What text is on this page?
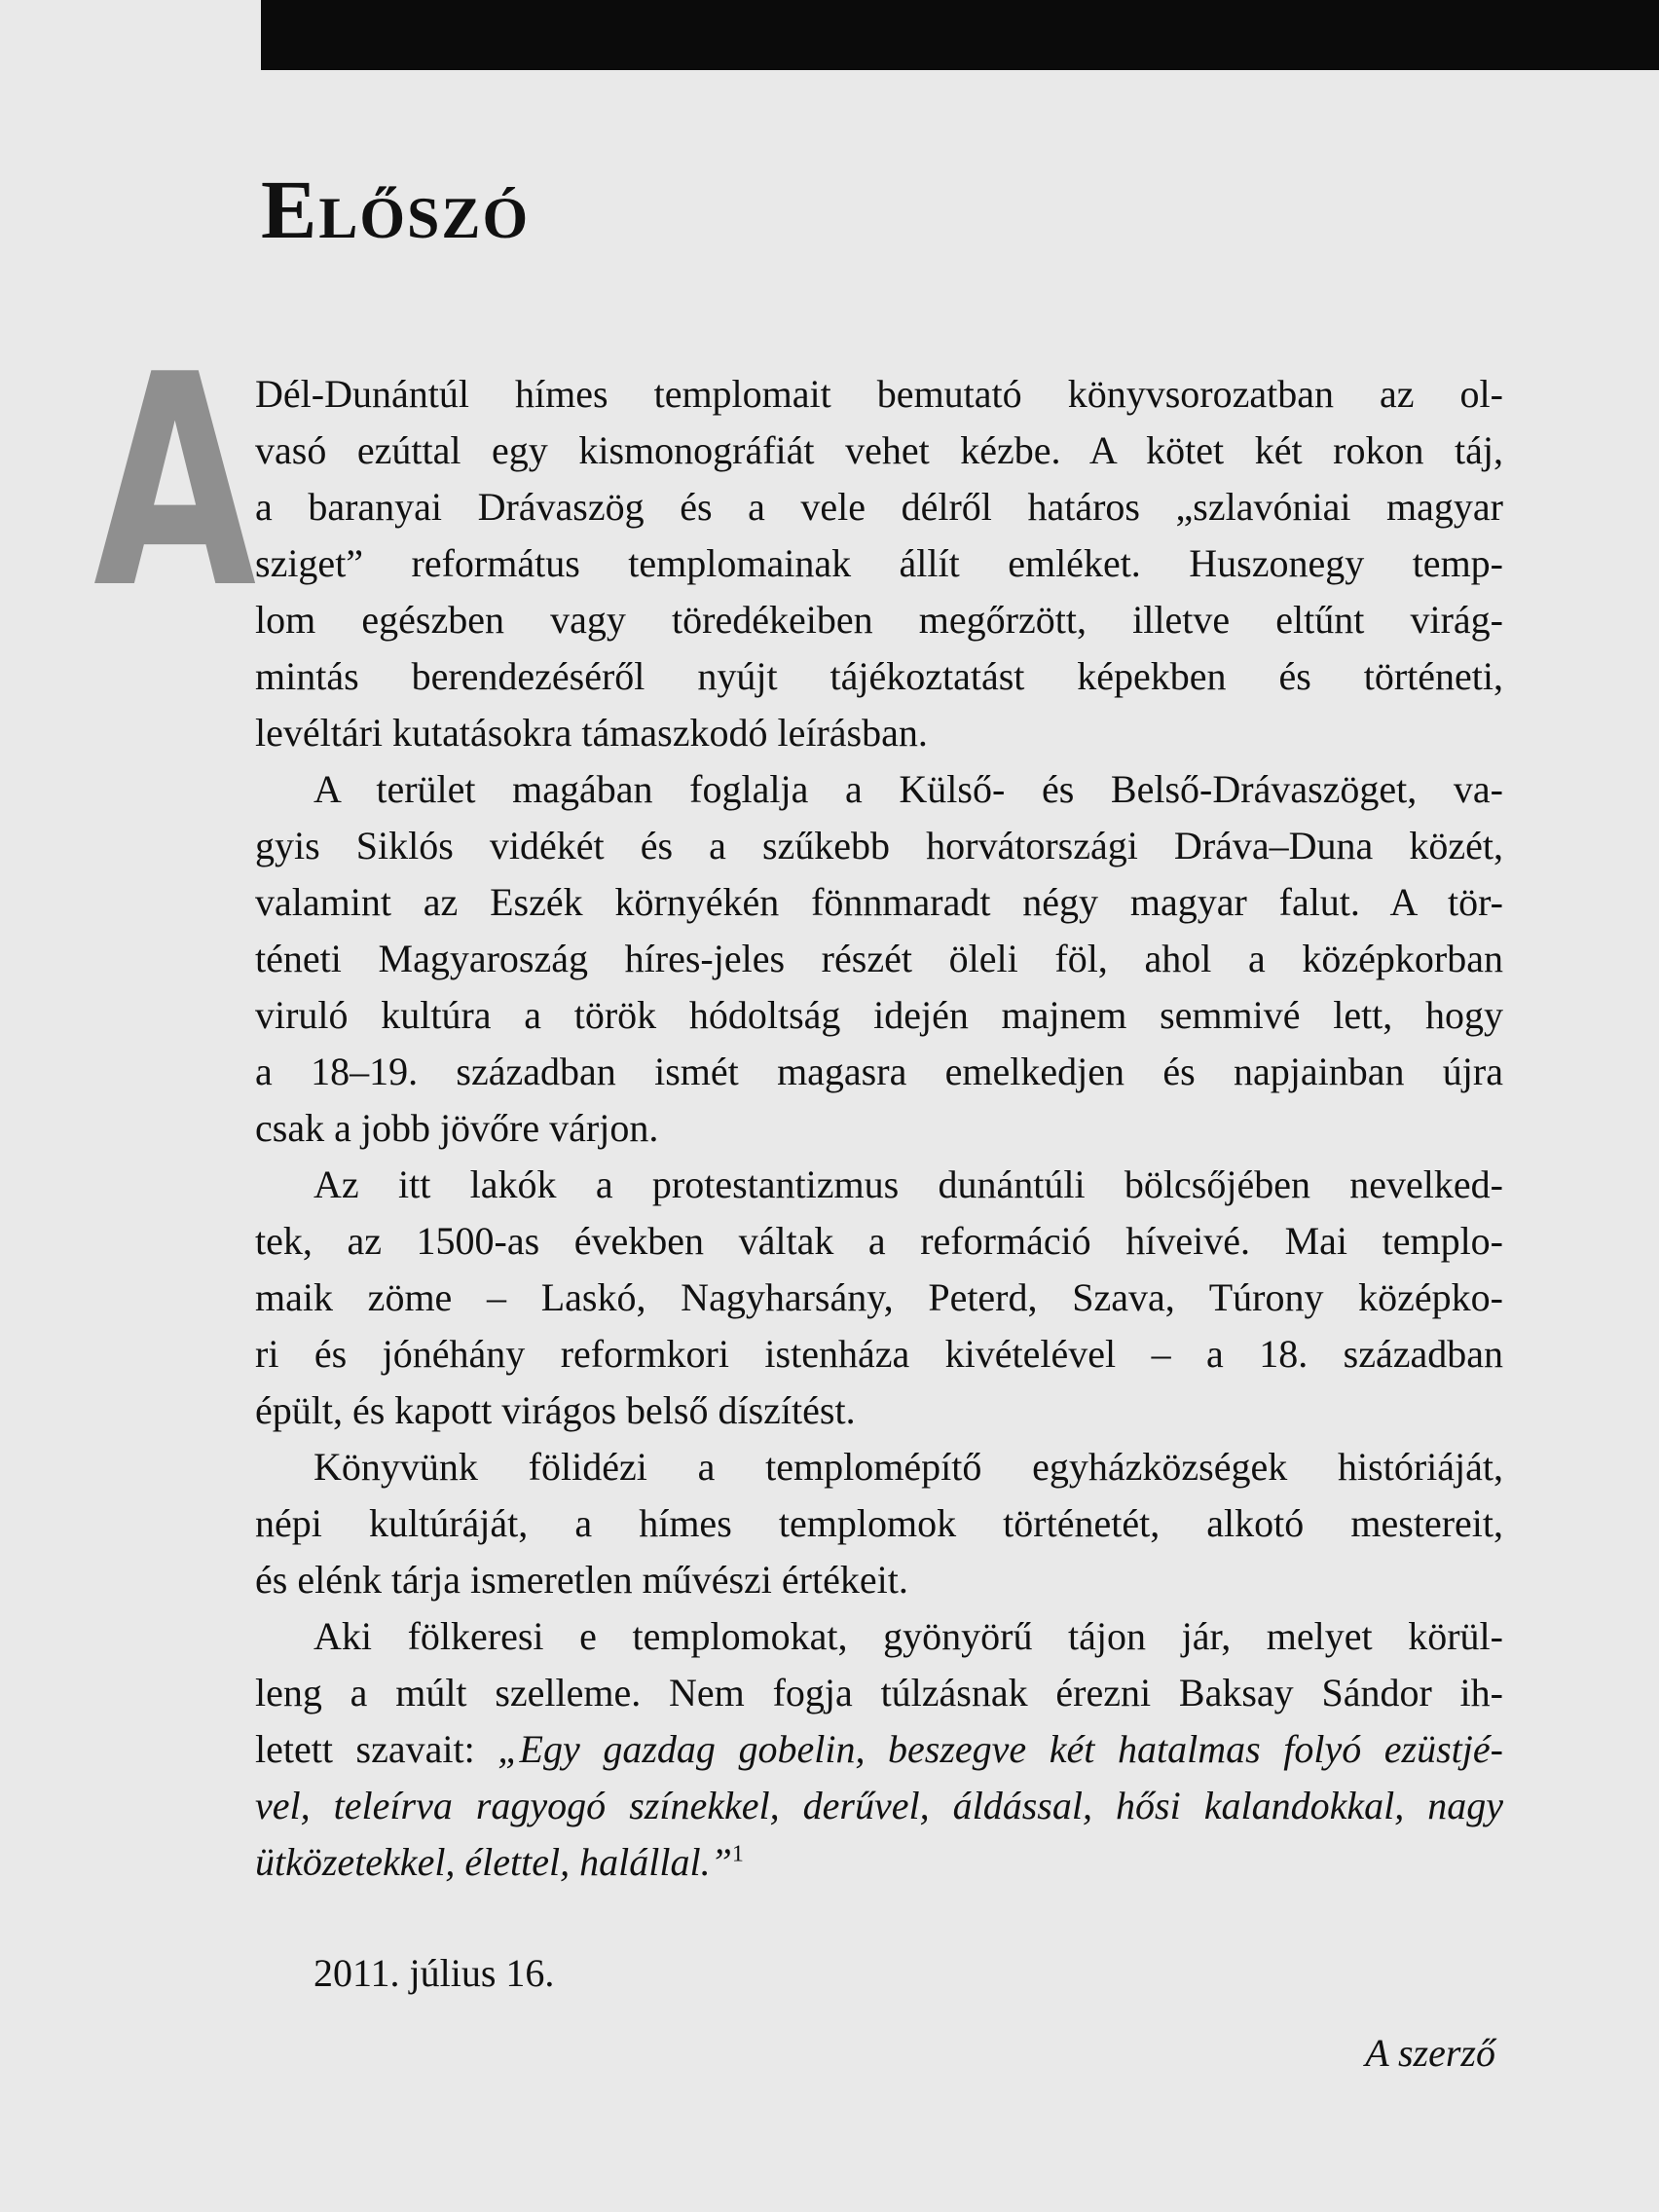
Előszó
A
Dél-Dunántúl hímes templomait bemutató könyvsorozatban az ol-
vasó ezúttal egy kismonográfiát vehet kézbe. A kötet két rokon táj,
a baranyai Drávaszög és a vele délről határos „szlavóniai magyar
sziget” református templomainak állít emléket. Huszonegy temp-
lom egészben vagy töredékeiben megőrzött, illetve eltűnt virág-
mintás berendezéséről nyújt tájékoztatást képekben és történeti,
levéltári kutatásokra támaszkodó leírásban.
A terület magában foglalja a Külső- és Belső-Drávaszöget, va-
gyis Siklós vidékét és a szűkebb horvátországi Dráva–Duna közét,
valamint az Eszék környékén fönnmaradt négy magyar falut. A tör-
téneti Magyaroszág híres-jeles részét öleli föl, ahol a középkorban
viruló kultúra a török hódoltság idején majnem semmivé lett, hogy
a 18–19. században ismét magasra emelkedjen és napjainban újra
csak a jobb jövőre várjon.
Az itt lakók a protestantizmus dunántúli bölcsőjében nevelked-
tek, az 1500-as években váltak a reformáció híveivé. Mai templo-
maik zöme – Laskó, Nagyharsány, Peterd, Szava, Túrony középko-
ri és jónéhány reformkori istenháza kivételével – a 18. században
épült, és kapott virágos belső díszítést.
Könyvünk fölidézi a templomépítő egyházközségek históriáját,
népi kultúráját, a hímes templomok történetét, alkotó mestereit,
és elénk tárja ismeretlen művészi értékeit.
Aki fölkeresi e templomokat, gyönyörű tájon jár, melyet körül-
leng a múlt szelleme. Nem fogja túlzásnak érezni Baksay Sándor ih-
letett szavait: „Egy gazdag gobelin, beszegve két hatalmas folyó ezüstjé-
vel, teleírva ragyogó színekkel, derűvel, áldással, hősi kalandokkal, nagy
ütközetekkel, élettel, halállal.”$^1$
2011. július 16.
A szerző
